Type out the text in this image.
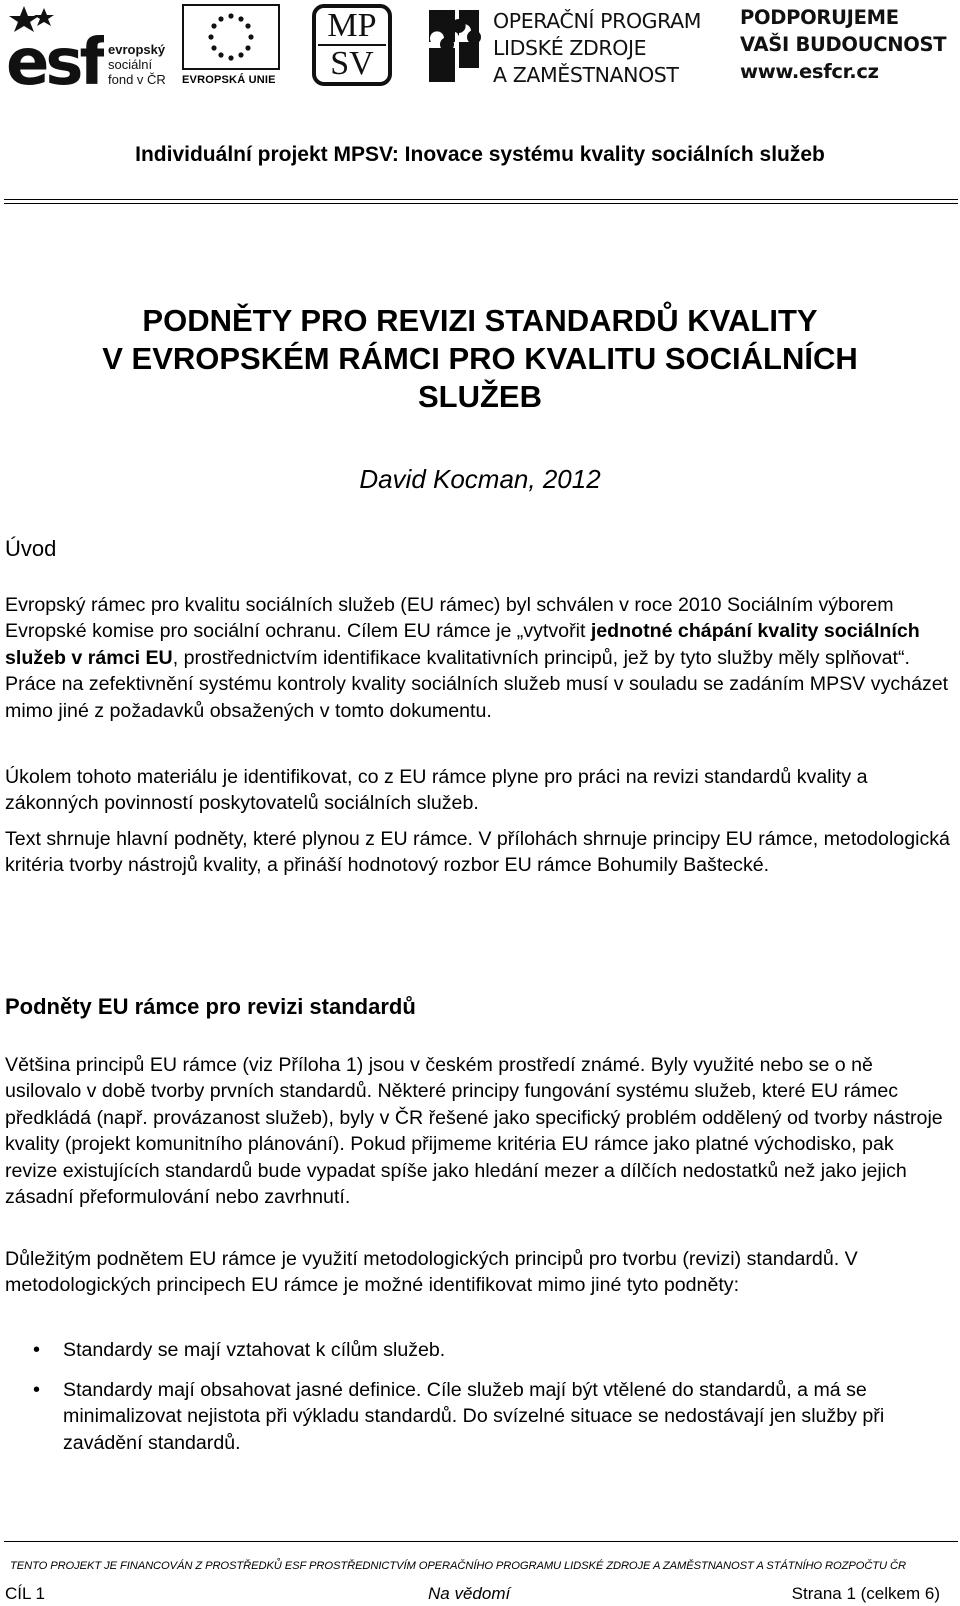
esf evropský
sociální
fond v ČR EVROPSKÁ UNIE
MP
SV
OPERAČNÍ PROGRAM
LIDSKÉ ZDROJE
A ZAMĚSTNANOST
PODPORUJEME
VAŠI BUDOUCNOST
www.esfcr.cz
Individuální projekt MPSV: Inovace systému kvality sociálních služeb
PODNĚTY PRO REVIZI STANDARDŮ KVALITY
V EVROPSKÉM RÁMCI PRO KVALITU SOCIÁLNÍCH
SLUŽEB
David Kocman, 2012
Úvod

Evropský rámec pro kvalitu sociálních služeb (EU rámec) byl schválen v roce 2010 Sociálním výborem Evropské komise pro sociální ochranu. Cílem EU rámce je „vytvořit jednotné chápání kvality sociálních služeb v rámci EU, prostřednictvím identifikace kvalitativních principů, jež by tyto služby měly splňovat“. Práce na zefektivnění systému kontroly kvality sociálních služeb musí v souladu se zadáním MPSV vycházet mimo jiné z požadavků obsažených v tomto dokumentu.

Úkolem tohoto materiálu je identifikovat, co z EU rámce plyne pro práci na revizi standardů kvality a zákonných povinností poskytovatelů sociálních služeb.

Text shrnuje hlavní podněty, které plynou z EU rámce. V přílohách shrnuje principy EU rámce, metodologická kritéria tvorby nástrojů kvality, a přináší hodnotový rozbor EU rámce Bohumily Baštecké.

Podněty EU rámce pro revizi standardů

Většina principů EU rámce (viz Příloha 1) jsou v českém prostředí známé. Byly využité nebo se o ně usilovalo v době tvorby prvních standardů. Některé principy fungování systému služeb, které EU rámec předkládá (např. provázanost služeb), byly v ČR řešené jako specifický problém oddělený od tvorby nástroje kvality (projekt komunitního plánování). Pokud přijmeme kritéria EU rámce jako platné východisko, pak revize existujících standardů bude vypadat spíše jako hledání mezer a dílčích nedostatků než jako jejich zásadní přeformulování nebo zavrhnutí.

Důležitým podnětem EU rámce je využití metodologických principů pro tvorbu (revizi) standardů. V metodologických principech EU rámce je možné identifikovat mimo jiné tyto podněty:

• Standardy se mají vztahovat k cílům služeb.
• Standardy mají obsahovat jasné definice. Cíle služeb mají být vtělené do standardů, a má se minimalizovat nejistota při výkladu standardů. Do svízelné situace se nedostávají jen služby při zavádění standardů.
TENTO PROJEKT JE FINANCOVÁN Z PROSTŘEDKŮ ESF PROSTŘEDNICTVÍM OPERAČNÍHO PROGRAMU LIDSKÉ ZDROJE A ZAMĚSTNANOST A STÁTNÍHO ROZPOČTU ČR
CÍL 1	Na vědomí	Strana 1 (celkem 6)
